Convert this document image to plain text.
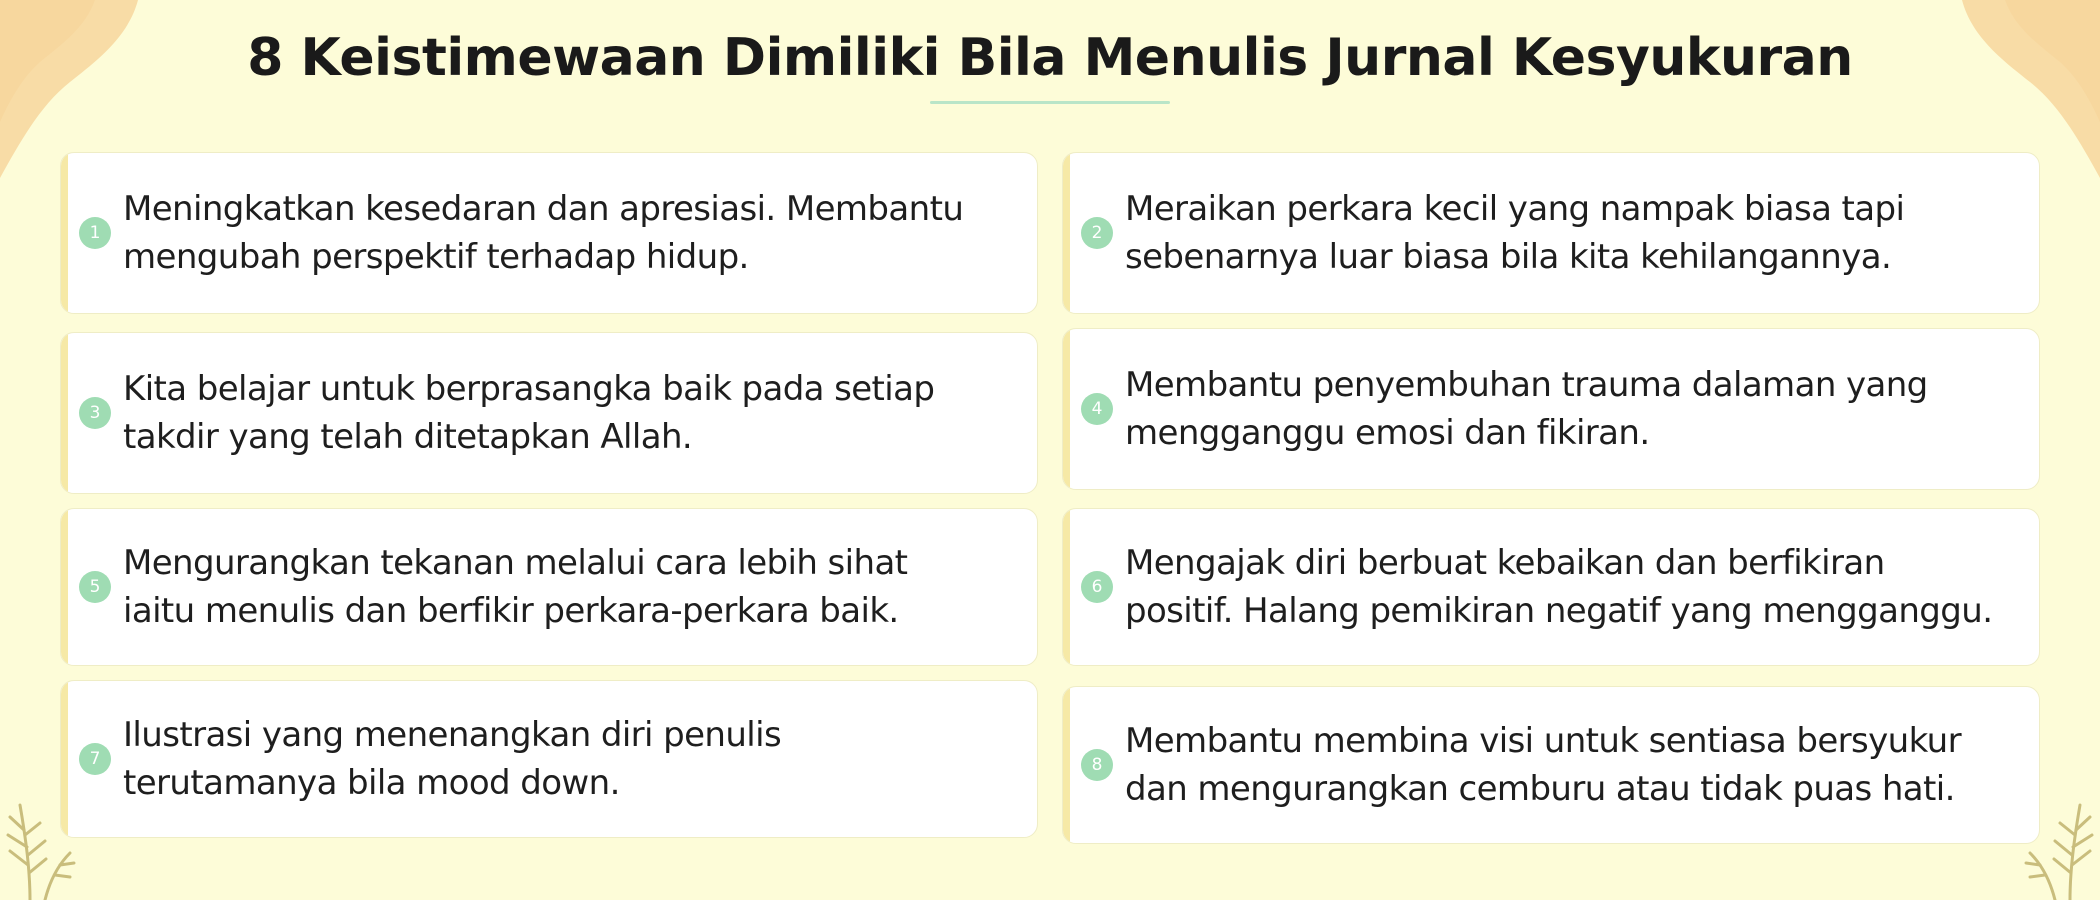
8 Keistimewaan Dimiliki Bila Menulis Jurnal Kesyukuran
1
Meningkatkan kesedaran dan apresiasi. Membantu
mengubah perspektif terhadap hidup.
2
Meraikan perkara kecil yang nampak biasa tapi
sebenarnya luar biasa bila kita kehilangannya.
3
Kita belajar untuk berprasangka baik pada setiap
takdir yang telah ditetapkan Allah.
4
Membantu penyembuhan trauma dalaman yang
mengganggu emosi dan fikiran.
5
Mengurangkan tekanan melalui cara lebih sihat
iaitu menulis dan berfikir perkara-perkara baik.
6
Mengajak diri berbuat kebaikan dan berfikiran
positif. Halang pemikiran negatif yang mengganggu.
7
Ilustrasi yang menenangkan diri penulis
terutamanya bila mood down.	8
Membantu membina visi untuk sentiasa bersyukur
dan mengurangkan cemburu atau tidak puas hati.
